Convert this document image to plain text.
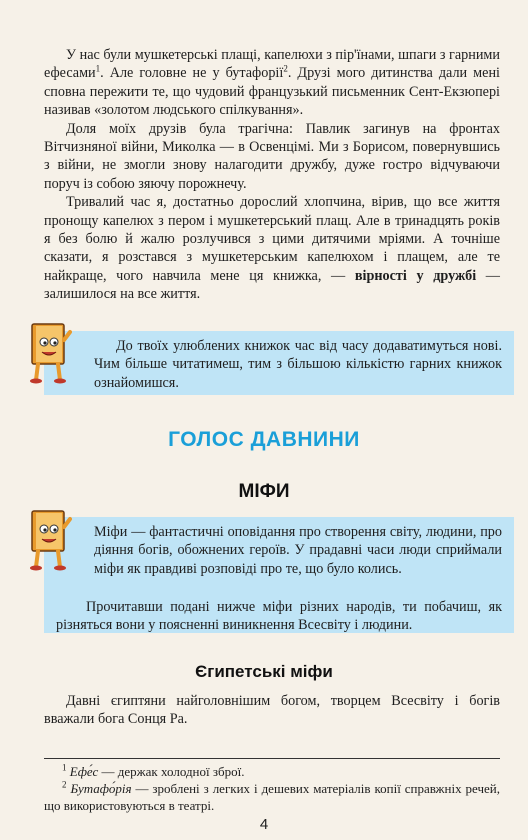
У нас були мушкетерські плащі, капелюхи з пір'їнами, шпаги з гарними ефесами$^1$. Але головне не у бутафорії$^2$. Друзі мого дитинства дали мені сповна пережити те, що чудовий французький письменник Сент-Екзюпері називав «золотом людського спілкування».

Доля моїх друзів була трагічна: Павлик загинув на фронтах Вітчизняної війни, Миколка — в Освенцімі. Ми з Борисом, повернувшись з війни, не змогли знову налагодити дружбу, дуже гостро відчуваючи поруч із собою зяючу порожнечу.

Тривалий час я, достатньо дорослий хлопчина, вірив, що все життя пронощу капелюх з пером і мушкетерський плащ. Але в тринадцять років я без болю й жалю розлучився з цими дитячими мріями. А точніше сказати, я розстався з мушкетерським капелюхом і плащем, але те найкраще, чого навчила мене ця книжка, — вірності у дружбі — залишилося на все життя.

До твоїх улюблених книжок час від часу додаватимуться нові. Чим більше читатимеш, тим з більшою кількістю гарних книжок ознайомишся.

ГОЛОС ДАВНИНИ
МІФИ

Міфи — фантастичні оповідання про створення світу, людини, про діяння богів, обожнених героїв. У прадавні часи люди сприймали міфи як правдиві розповіді про те, що було колись.

Прочитавши подані нижче міфи різних народів, ти побачиш, як різняться вони у поясненні виникнення Всесвіту і людини.

Єгипетські міфи

Давні єгиптяни найголовнішим богом, творцем Всесвіту і богів вважали бога Сонця Ра.

$^1$ Ефе́с — держак холодної зброї.

$^2$ Бутафо́рія — зроблені з легких і дешевих матеріалів копії справжніх речей, що використовуються в театрі.

4
